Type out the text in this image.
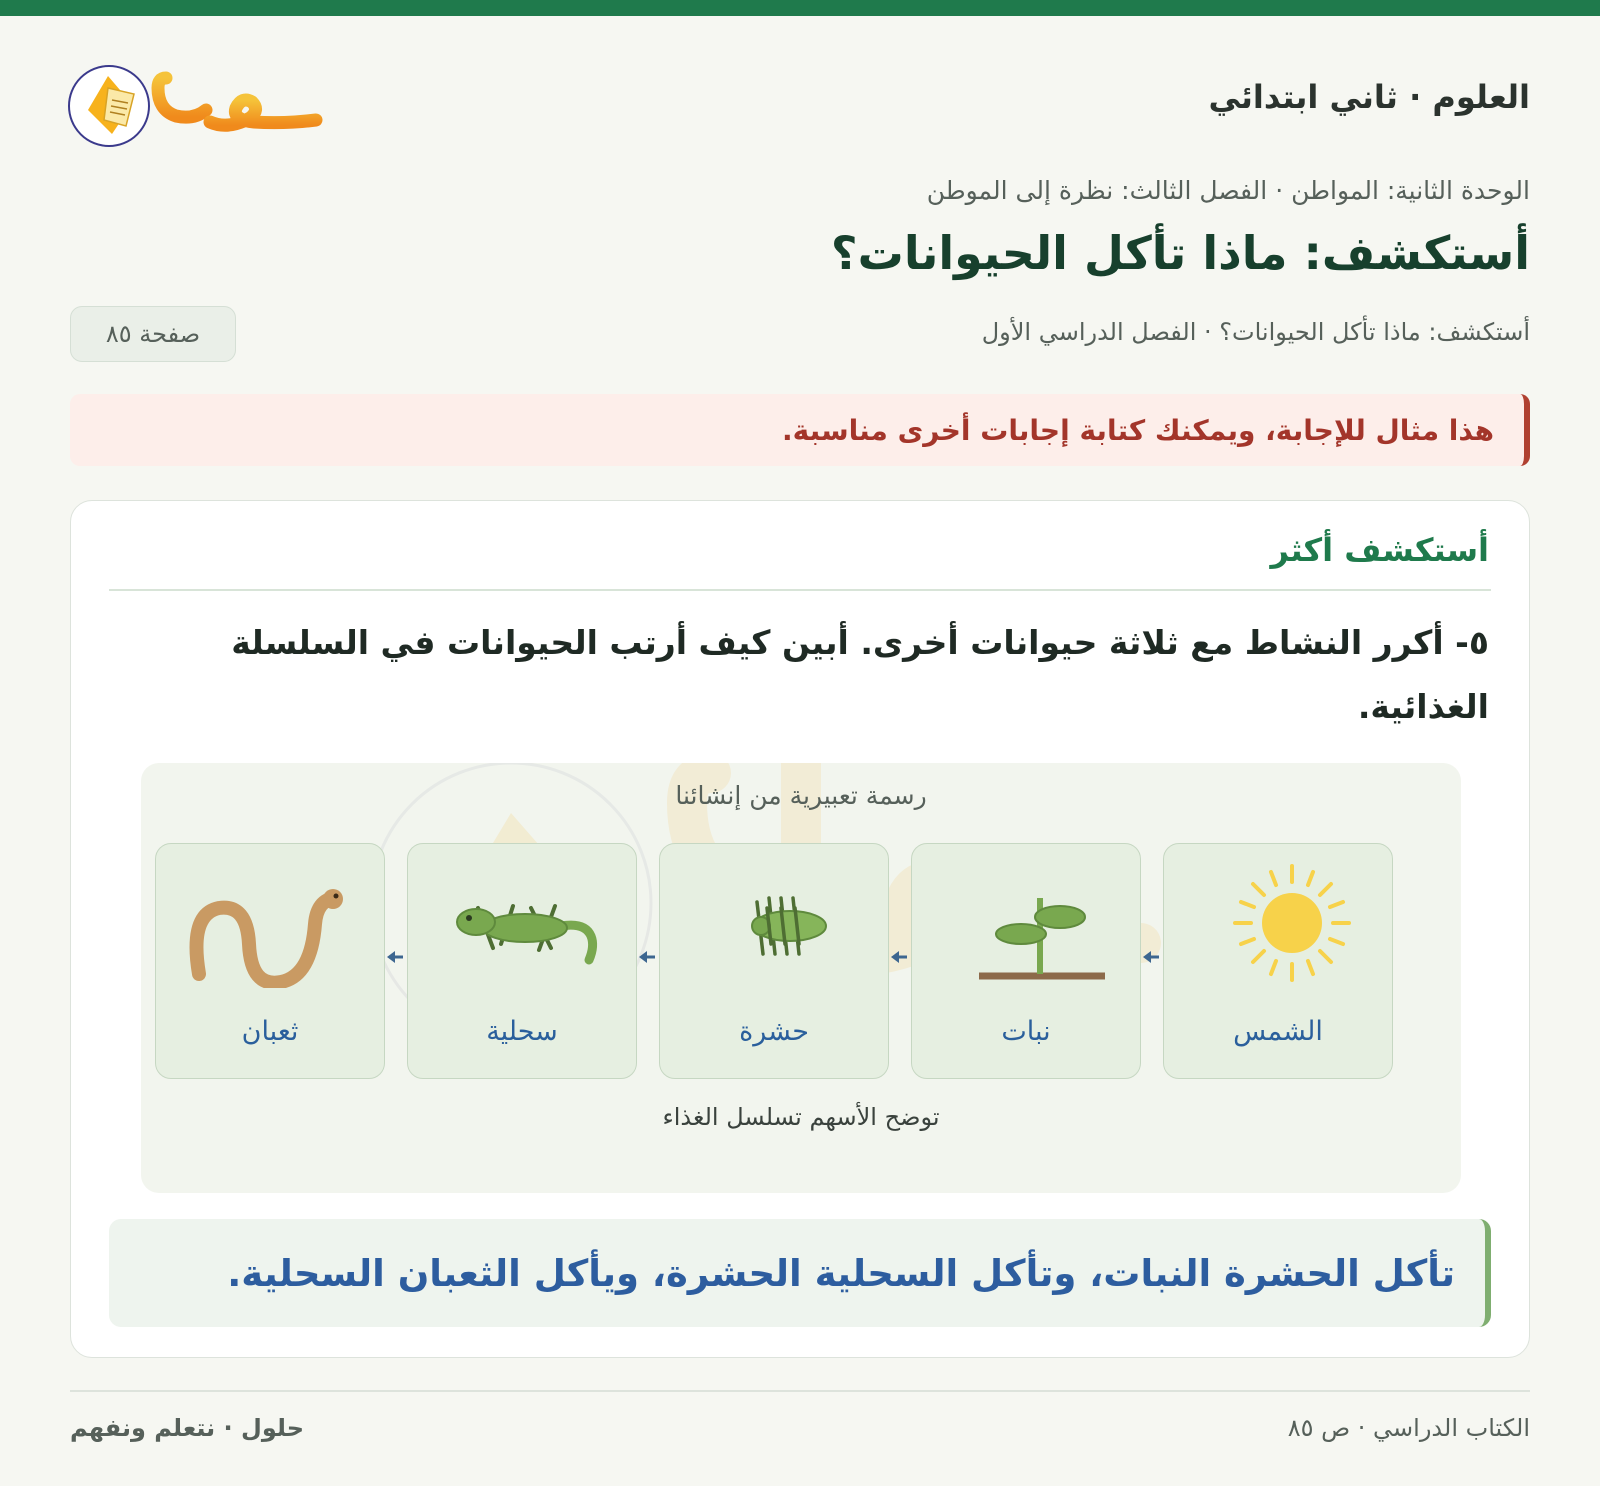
العلوم · ثاني ابتدائي
الوحدة الثانية: المواطن · الفصل الثالث: نظرة إلى الموطن
أستكشف: ماذا تأكل الحيوانات؟
أستكشف: ماذا تأكل الحيوانات؟ · الفصل الدراسي الأول
صفحة ٨٥
هذا مثال للإجابة، ويمكنك كتابة إجابات أخرى مناسبة.
أستكشف أكثر

٥- أكرر النشاط مع ثلاثة حيوانات أخرى. أبين كيف أرتب الحيوانات في السلسلة الغذائية.

رسمة تعبيرية من إنشائنا
الشمس
نبات
حشرة
سحلية
ثعبان
توضح الأسهم تسلسل الغذاء
تأكل الحشرة النبات، وتأكل السحلية الحشرة، ويأكل الثعبان السحلية.
الكتاب الدراسي · ص ٨٥
حلول · نتعلم ونفهم
